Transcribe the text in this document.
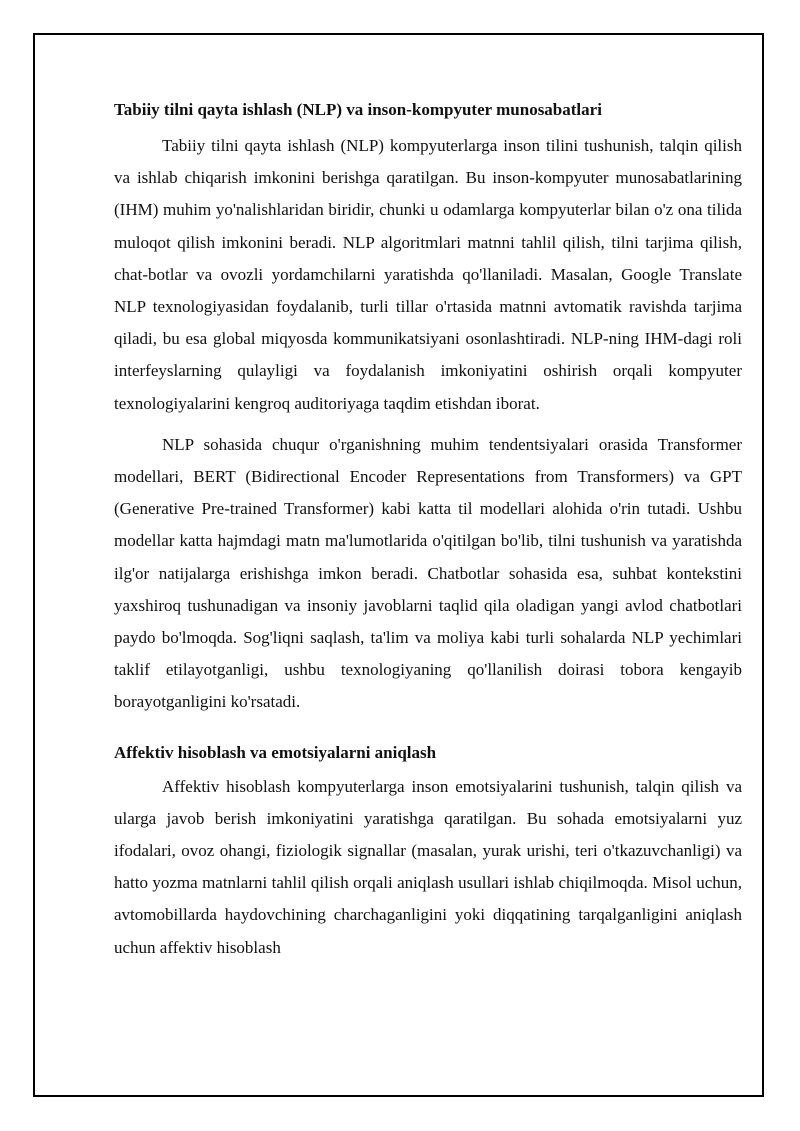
Tabiiy tilni qayta ishlash (NLP) va inson-kompyuter munosabatlari

Tabiiy tilni qayta ishlash (NLP) kompyuterlarga inson tilini tushunish, talqin qilish va ishlab chiqarish imkonini berishga qaratilgan. Bu inson-kompyuter munosabatlarining (IHM) muhim yo'nalishlaridan biridir, chunki u odamlarga kompyuterlar bilan o'z ona tilida muloqot qilish imkonini beradi. NLP algoritmlari matnni tahlil qilish, tilni tarjima qilish, chat-botlar va ovozli yordamchilarni yaratishda qo'llaniladi. Masalan, Google Translate NLP texnologiyasidan foydalanib, turli tillar o'rtasida matnni avtomatik ravishda tarjima qiladi, bu esa global miqyosda kommunikatsiyani osonlashtiradi. NLP-ning IHM-dagi roli interfeyslarning qulayligi va foydalanish imkoniyatini oshirish orqali kompyuter texnologiyalarini kengroq auditoriyaga taqdim etishdan iborat.

NLP sohasida chuqur o'rganishning muhim tendentsiyalari orasida Transformer modellari, BERT (Bidirectional Encoder Representations from Transformers) va GPT (Generative Pre-trained Transformer) kabi katta til modellari alohida o'rin tutadi. Ushbu modellar katta hajmdagi matn ma'lumotlarida o'qitilgan bo'lib, tilni tushunish va yaratishda ilg'or natijalarga erishishga imkon beradi. Chatbotlar sohasida esa, suhbat kontekstini yaxshiroq tushunadigan va insoniy javoblarni taqlid qila oladigan yangi avlod chatbotlari paydo bo'lmoqda. Sog'liqni saqlash, ta'lim va moliya kabi turli sohalarda NLP yechimlari taklif etilayotganligi, ushbu texnologiyaning qo'llanilish doirasi tobora kengayib borayotganligini ko'rsatadi.

Affektiv hisoblash va emotsiyalarni aniqlash

Affektiv hisoblash kompyuterlarga inson emotsiyalarini tushunish, talqin qilish va ularga javob berish imkoniyatini yaratishga qaratilgan. Bu sohada emotsiyalarni yuz ifodalari, ovoz ohangi, fiziologik signallar (masalan, yurak urishi, teri o'tkazuvchanligi) va hatto yozma matnlarni tahlil qilish orqali aniqlash usullari ishlab chiqilmoqda. Misol uchun, avtomobillarda haydovchining charchaganligini yoki diqqatining tarqalganligini aniqlash uchun affektiv hisoblash
